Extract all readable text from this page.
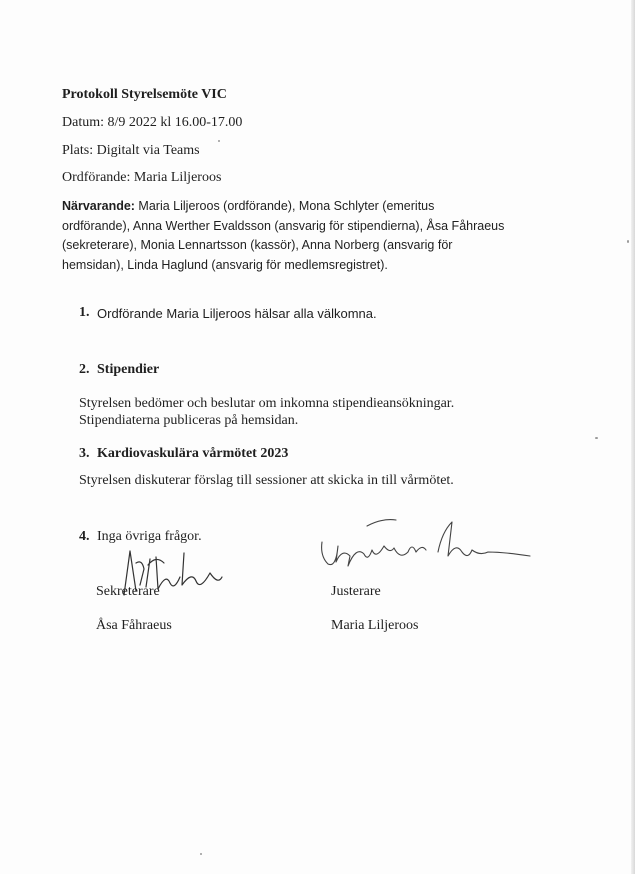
Protokoll Styrelsemöte VIC
Datum: 8/9 2022 kl 16.00-17.00
Plats: Digitalt via Teams
Ordförande: Maria Liljeroos
Närvarande: Maria Liljeroos (ordförande), Mona Schlyter (emeritus
ordförande), Anna Werther Evaldsson (ansvarig för stipendierna), Åsa Fåhraeus
(sekreterare), Monia Lennartsson (kassör), Anna Norberg (ansvarig för
hemsidan), Linda Haglund (ansvarig för medlemsregistret).
1. Ordförande Maria Liljeroos hälsar alla välkomna.
2. Stipendier
Styrelsen bedömer och beslutar om inkomna stipendieansökningar.
Stipendiaterna publiceras på hemsidan.
3. Kardiovaskulära vårmötet 2023
Styrelsen diskuterar förslag till sessioner att skicka in till vårmötet.
4. Inga övriga frågor.
Sekreterare	Justerare
Åsa Fåhraeus	Maria Liljeroos
